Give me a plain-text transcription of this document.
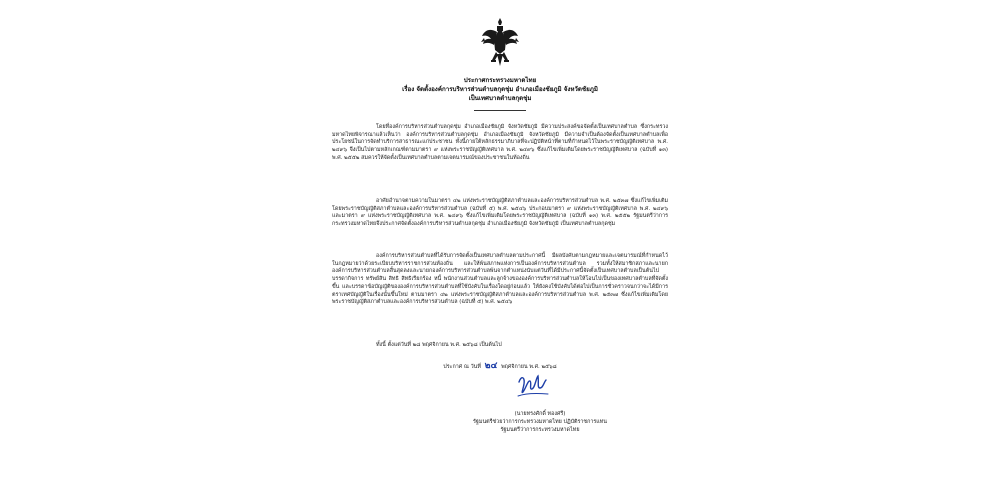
ประกาศกระทรวงมหาดไทย
เรื่อง จัดตั้งองค์การบริหารส่วนตำบลกุดชุ่ม อำเภอเมืองชัยภูมิ จังหวัดชัยภูมิ
เป็นเทศบาลตำบลกุดชุ่ม
โดยที่องค์การบริหารส่วนตำบลกุดชุ่ม อำเภอเมืองชัยภูมิ จังหวัดชัยภูมิ มีความประสงค์ขอจัดตั้งเป็นเทศบาลตำบล ซึ่งกระทรวงมหาดไทยพิจารณาแล้วเห็นว่า องค์การบริหารส่วนตำบลกุดชุ่ม อำเภอเมืองชัยภูมิ จังหวัดชัยภูมิ มีความจำเป็นต้องจัดตั้งเป็นเทศบาลตำบลเพื่อประโยชน์ในการจัดทำบริการสาธารณะแก่ประชาชน ทั้งนี้ภายใต้หลักธรรมาภิบาลที่จะปฏิบัติหน้าที่ตามที่กำหนดไว้ในพระราชบัญญัติเทศบาล พ.ศ. ๒๔๙๖ จึงเป็นไปตามหลักเกณฑ์ตามมาตรา ๙ แห่งพระราชบัญญัติเทศบาล พ.ศ. ๒๔๙๖ ซึ่งแก้ไขเพิ่มเติมโดยพระราชบัญญัติเทศบาล (ฉบับที่ ๑๓) พ.ศ. ๒๕๕๒ สมควรให้จัดตั้งเป็นเทศบาลตำบลตามเจตนารมณ์ของประชาชนในท้องถิ่น
อาศัยอำนาจตามความในมาตรา ๔๒ แห่งพระราชบัญญัติสภาตำบลและองค์การบริหารส่วนตำบล พ.ศ. ๒๕๓๗ ซึ่งแก้ไขเพิ่มเติมโดยพระราชบัญญัติสภาตำบลและองค์การบริหารส่วนตำบล (ฉบับที่ ๕) พ.ศ. ๒๕๔๖ ประกอบมาตรา ๙ แห่งพระราชบัญญัติเทศบาล พ.ศ. ๒๔๙๖ และมาตรา ๙ แห่งพระราชบัญญัติเทศบาล พ.ศ. ๒๔๙๖ ซึ่งแก้ไขเพิ่มเติมโดยพระราชบัญญัติเทศบาล (ฉบับที่ ๑๓) พ.ศ. ๒๕๕๒ รัฐมนตรีว่าการกระทรวงมหาดไทยจึงประกาศจัดตั้งองค์การบริหารส่วนตำบลกุดชุ่ม อำเภอเมืองชัยภูมิ จังหวัดชัยภูมิ เป็นเทศบาลตำบลกุดชุ่ม
องค์การบริหารส่วนตำบลที่ได้รับการจัดตั้งเป็นเทศบาลตำบลตามประกาศนี้ มีผลบังคับตามกฎหมายและเจตนารมณ์ที่กำหนดไว้ในกฎหมายว่าด้วยระเบียบบริหารราชการส่วนท้องถิ่น และให้พ้นสภาพแห่งการเป็นองค์การบริหารส่วนตำบล รวมทั้งให้สมาชิกสภาและนายกองค์การบริหารส่วนตำบลสิ้นสุดลงและนายกองค์การบริหารส่วนตำบลพ้นจากตำแหน่งนับแต่วันที่ได้มีประกาศนี้จัดตั้งเป็นเทศบาลตำบลเป็นต้นไป บรรดากิจการ ทรัพย์สิน สิทธิ สิทธิเรียกร้อง หนี้ พนักงานส่วนตำบลและลูกจ้างขององค์การบริหารส่วนตำบลให้โอนไปเป็นของเทศบาลตำบลที่จัดตั้งขึ้น และบรรดาข้อบัญญัติขององค์การบริหารส่วนตำบลที่ใช้บังคับในเรื่องใดอยู่ก่อนแล้ว ให้ยังคงใช้บังคับได้ต่อไปเป็นการชั่วคราวจนกว่าจะได้มีการตราเทศบัญญัติในเรื่องนั้นขึ้นใหม่ ตามมาตรา ๔๒ แห่งพระราชบัญญัติสภาตำบลและองค์การบริหารส่วนตำบล พ.ศ. ๒๕๓๗ ซึ่งแก้ไขเพิ่มเติมโดยพระราชบัญญัติสภาตำบลและองค์การบริหารส่วนตำบล (ฉบับที่ ๕) พ.ศ. ๒๕๔๖
ทั้งนี้ ตั้งแต่วันที่ ๒๘ พฤศจิกายน พ.ศ. ๒๕๖๘ เป็นต้นไป
ประกาศ ณ วันที่ ๒๔ พฤศจิกายน พ.ศ. ๒๕๖๘
(นายทรงศักดิ์ ทองศรี)
รัฐมนตรีช่วยว่าการกระทรวงมหาดไทย ปฏิบัติราชการแทน
รัฐมนตรีว่าการกระทรวงมหาดไทย
